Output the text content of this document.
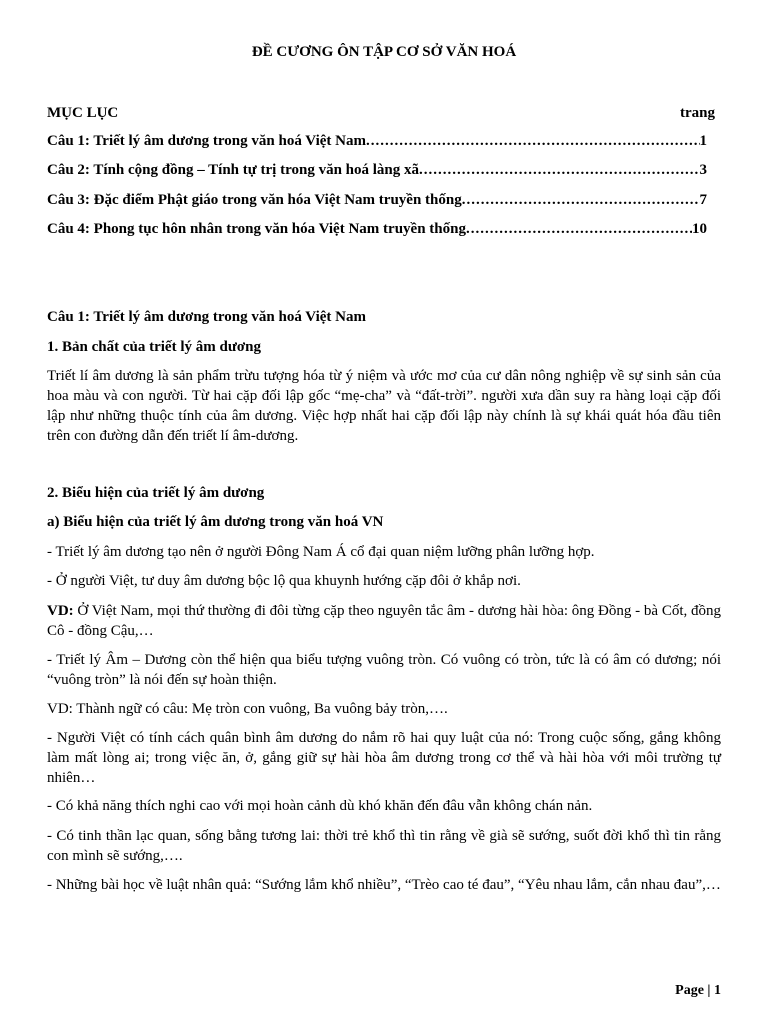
ĐỀ CƯƠNG ÔN TẬP CƠ SỞ VĂN HOÁ
MỤC LỤC	trang
Câu 1: Triết lý âm dương trong văn hoá Việt Nam .....	1
Câu 2: Tính cộng đồng – Tính tự trị trong văn hoá làng xã .....	3
Câu 3: Đặc điểm Phật giáo trong văn hóa Việt Nam truyền thống .....	7
Câu 4: Phong tục hôn nhân trong văn hóa Việt Nam truyền thống .....	10
Câu 1: Triết lý âm dương trong văn hoá Việt Nam
1. Bản chất của triết lý âm dương
Triết lí âm dương là sản phẩm trừu tượng hóa từ ý niệm và ước mơ của cư dân nông nghiệp về sự sinh sản của hoa màu và con người. Từ hai cặp đối lập gốc “mẹ-cha” và “đất-trời”. người xưa dần suy ra hàng loại cặp đối lập như những thuộc tính của âm dương. Việc hợp nhất hai cặp đối lập này chính là sự khái quát hóa đầu tiên trên con đường dẫn đến triết lí âm-dương.
2. Biểu hiện của triết lý âm dương
a) Biểu hiện của triết lý âm dương trong văn hoá VN
- Triết lý âm dương tạo nên ở người Đông Nam Á cổ đại quan niệm lưỡng phân lưỡng hợp.
- Ở người Việt, tư duy âm dương bộc lộ qua khuynh hướng cặp đôi ở khắp nơi.
VD: Ở Việt Nam, mọi thứ thường đi đôi từng cặp theo nguyên tắc âm - dương hài hòa: ông Đồng - bà Cốt, đồng Cô - đồng Cậu,…
- Triết lý Âm – Dương còn thể hiện qua biểu tượng vuông tròn. Có vuông có tròn, tức là có âm có dương; nói “vuông tròn” là nói đến sự hoàn thiện.
VD: Thành ngữ có câu: Mẹ tròn con vuông, Ba vuông bảy tròn,….
- Người Việt có tính cách quân bình âm dương do nắm rõ hai quy luật của nó: Trong cuộc sống, gắng không làm mất lòng ai; trong việc ăn, ở, gắng giữ sự hài hòa âm dương trong cơ thể và hài hòa với môi trường tự nhiên…
- Có khả năng thích nghi cao với mọi hoàn cảnh dù khó khăn đến đâu vẫn không chán nản.
- Có tinh thần lạc quan, sống bằng tương lai: thời trẻ khổ thì tin rằng về già sẽ sướng, suốt đời khổ thì tin rằng con mình sẽ sướng,….
- Những bài học về luật nhân quả: “Sướng lắm khổ nhiều”, “Trèo cao té đau”, “Yêu nhau lắm, cắn nhau đau”,…
Page | 1
